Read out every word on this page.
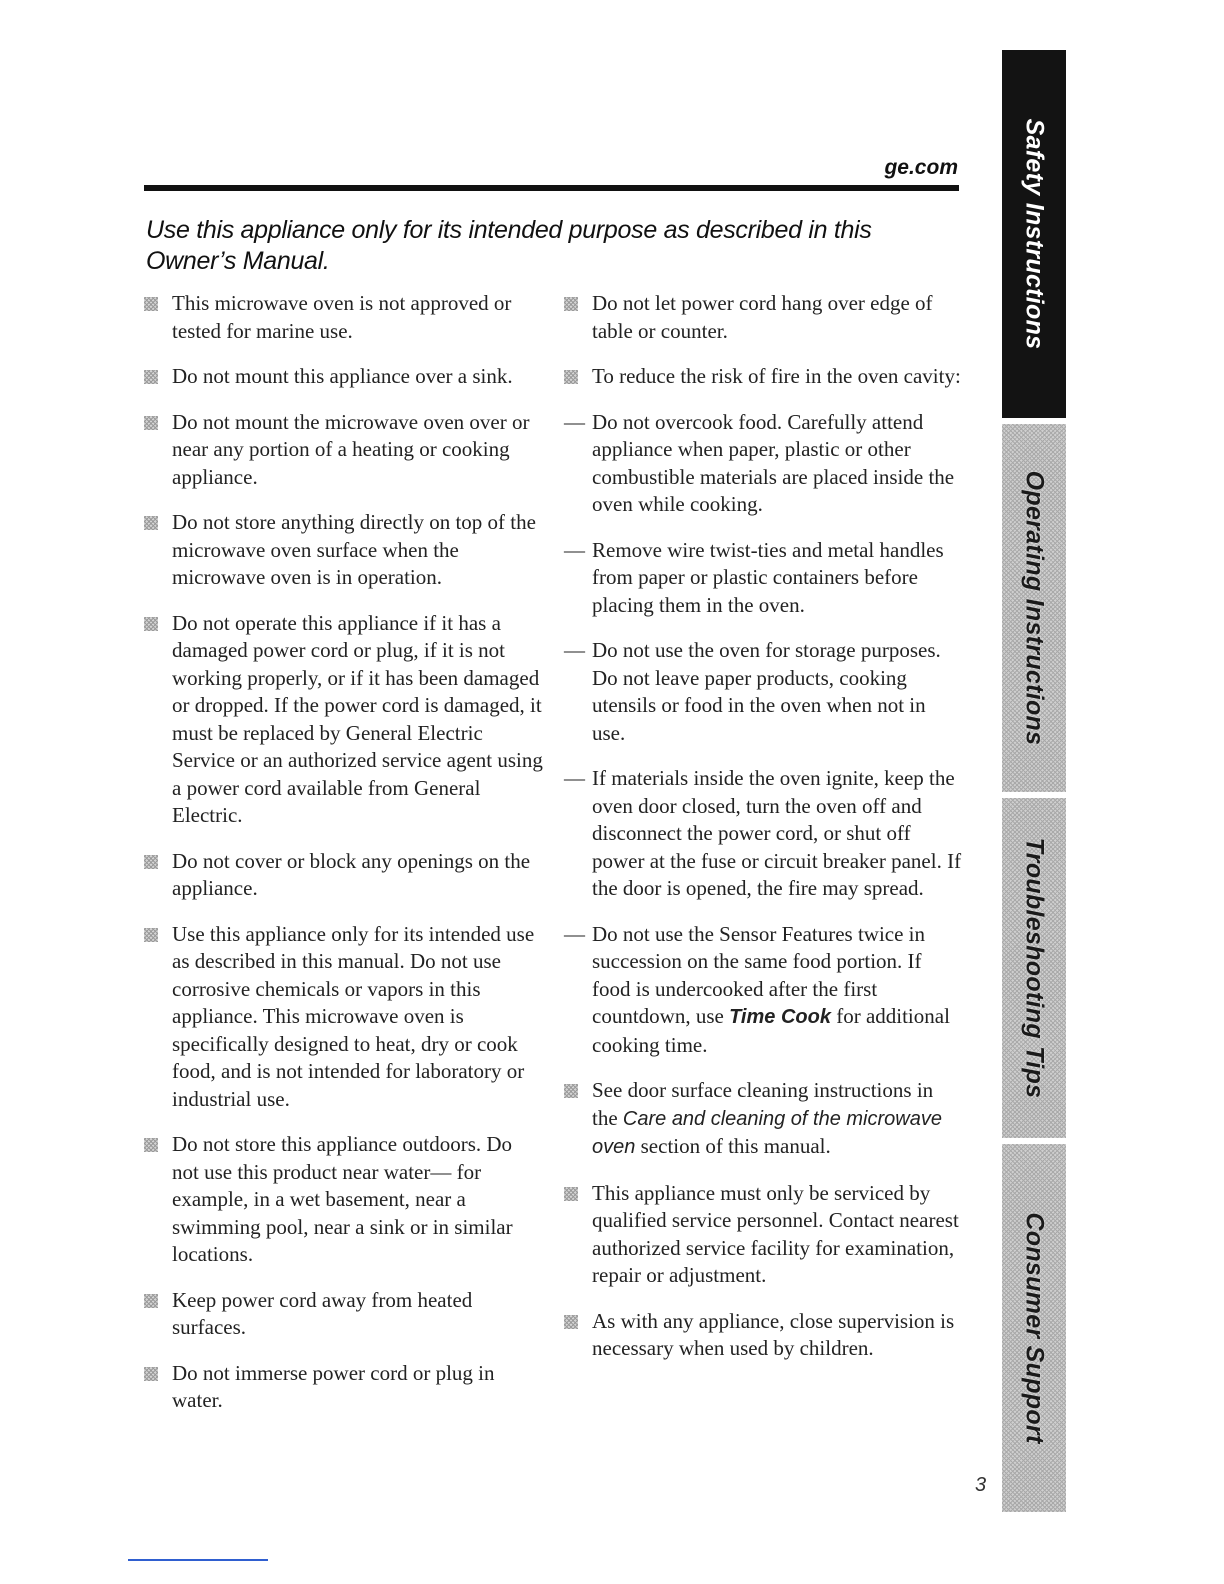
ge.com

Use this appliance only for its intended purpose as described in this Owner’s Manual.

This microwave oven is not approved or tested for marine use.

Do not mount this appliance over a sink.

Do not mount the microwave oven over or near any portion of a heating or cooking appliance.

Do not store anything directly on top of the microwave oven surface when the microwave oven is in operation.

Do not operate this appliance if it has a damaged power cord or plug, if it is not working properly, or if it has been damaged or dropped. If the power cord is damaged, it must be replaced by General Electric Service or an authorized service agent using a power cord available from General Electric.

Do not cover or block any openings on the appliance.

Use this appliance only for its intended use as described in this manual. Do not use corrosive chemicals or vapors in this appliance. This microwave oven is specifically designed to heat, dry or cook food, and is not intended for laboratory or industrial use.

Do not store this appliance outdoors. Do not use this product near water— for example, in a wet basement, near a swimming pool, near a sink or in similar locations.

Keep power cord away from heated surfaces.

Do not immerse power cord or plug in water.

Do not let power cord hang over edge of table or counter.

To reduce the risk of fire in the oven cavity:

— Do not overcook food. Carefully attend appliance when paper, plastic or other combustible materials are placed inside the oven while cooking.

— Remove wire twist-ties and metal handles from paper or plastic containers before placing them in the oven.

— Do not use the oven for storage purposes. Do not leave paper products, cooking utensils or food in the oven when not in use.

— If materials inside the oven ignite, keep the oven door closed, turn the oven off and disconnect the power cord, or shut off power at the fuse or circuit breaker panel. If the door is opened, the fire may spread.

— Do not use the Sensor Features twice in succession on the same food portion. If food is undercooked after the first countdown, use Time Cook for additional cooking time.

See door surface cleaning instructions in the Care and cleaning of the microwave oven section of this manual.

This appliance must only be serviced by qualified service personnel. Contact nearest authorized service facility for examination, repair or adjustment.

As with any appliance, close supervision is necessary when used by children.

3
Safety Instructions
Operating Instructions
Troubleshooting Tips
Consumer Support
